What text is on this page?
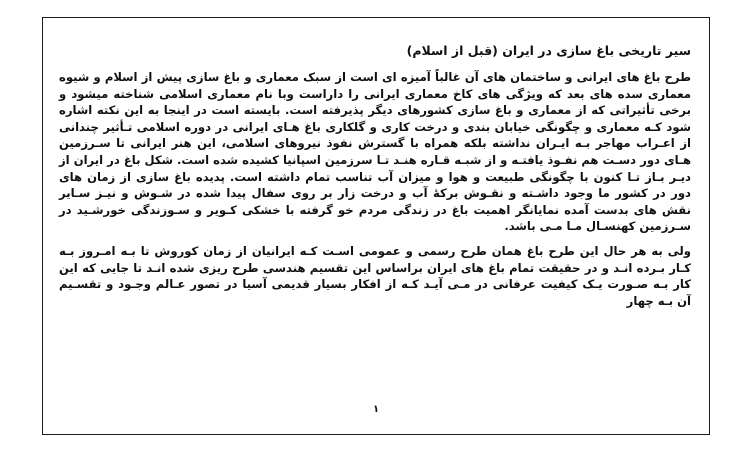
سیر تاریخی باغ سازی در ایران (قبل از اسلام)

طرح باغ های ایرانی و ساختمان های آن غالباً آمیزه ای است از سبک معماری و باغ سازی پیش از اسلام و شیوه معماری سده های بعد که ویژگی های کاخ معماری ایرانی را داراست وبا نام معماری اسلامی شناخته میشود و برخی تأثیراتی که از معماری و باغ سازی کشورهای دیگر پذیرفته است. بایسته است در اینجا به این نکته اشاره شود کـه معماری و چگونگی خیابان بندی و درخت کاری و گلکاری باغ هـای ایرانی در دوره اسلامی تـأثیر چندانی از اعـراب مهاجر بـه ایـران نداشته بلکه همراه با گسترش نفوذ نیروهای اسلامی، این هنر ایرانی تا سـرزمین هـای دور دسـت هم نفـوذ یافتـه و از شبـه قـاره هنـد تـا سرزمین اسپانیا کشیده شده است. شکل باغ در ایران از دیـر بـاز تـا کنون با چگونگی طبیعت و هوا و میزان آب تناسب تمام داشته است. پدیده باغ سازی از زمان های دور در کشور ما وجود داشـته و نقـوش برکهٔ آب و درخت زار بر روی سفال پیدا شده در شـوش و نیـز سـایر نقش های بدست آمده نمایانگر اهمیت باغ در زندگی مردم خو گرفته با خشکی کـویر و سـوزندگی خورشـید در سـرزمین کهنسـال مـا مـی باشد.

ولی به هر حال این طرح باغ همان طرح رسمی و عمومی اسـت کـه ایرانیان از زمان کوروش تا بـه امـروز بـه کـار بـرده انـد و در حقیقت تمام باغ های ایران براساس این تقسیم هندسی طرح ریزی شده انـد تا جایی که این کار بـه صـورت یـک کیفیت عرفانی در مـی آیـد کـه از افکار بسیار قدیمی آسیا در تصور عـالم وجـود و تقسـیم آن بـه چهار

۱
